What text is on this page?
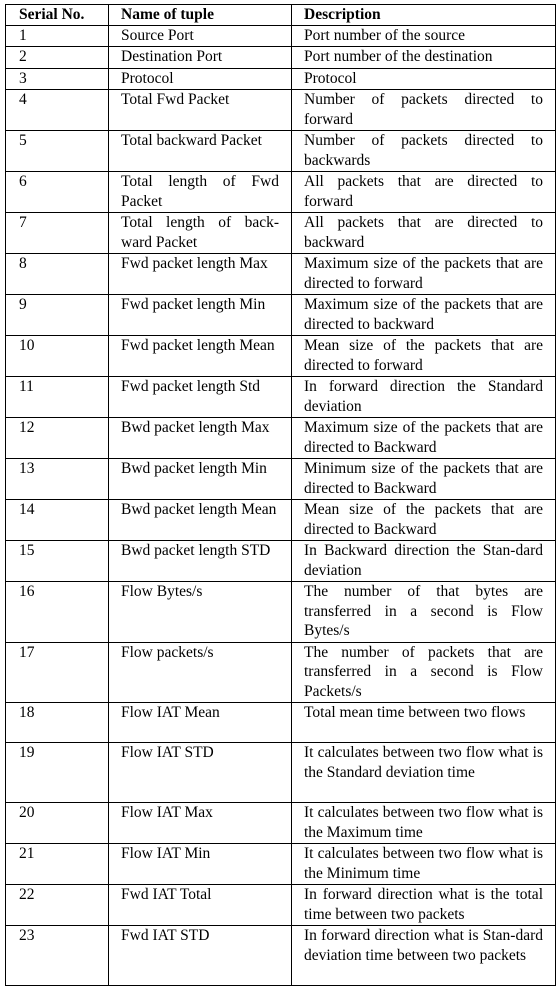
Serial No.	Name of tuple	Description
1	Source Port	Port number of the source
2	Destination Port	Port number of the destination
3	Protocol	Protocol
4	Total Fwd Packet	Number of packets directed to forward
5	Total backward Packet	Number of packets directed to backwards
6	Total length of Fwd Packet	All packets that are directed to forward
7	Total length of back-ward Packet	All packets that are directed to backward
8	Fwd packet length Max	Maximum size of the packets that are directed to forward
9	Fwd packet length Min	Maximum size of the packets that are directed to backward
10	Fwd packet length Mean	Mean size of the packets that are directed to forward
11	Fwd packet length Std	In forward direction the Standard deviation
12	Bwd packet length Max	Maximum size of the packets that are directed to Backward
13	Bwd packet length Min	Minimum size of the packets that are directed to Backward
14	Bwd packet length Mean	Mean size of the packets that are directed to Backward
15	Bwd packet length STD	In Backward direction the Stan-dard deviation
16	Flow Bytes/s	The number of that bytes are transferred in a second is Flow Bytes/s
17	Flow packets/s	The number of packets that are transferred in a second is Flow Packets/s
18	Flow IAT Mean	Total mean time between two flows
19	Flow IAT STD	It calculates between two flow what is the Standard deviation time
20	Flow IAT Max	It calculates between two flow what is the Maximum time
21	Flow IAT Min	It calculates between two flow what is the Minimum time
22	Fwd IAT Total	In forward direction what is the total time between two packets
23	Fwd IAT STD	In forward direction what is Stan-dard deviation time between two packets
